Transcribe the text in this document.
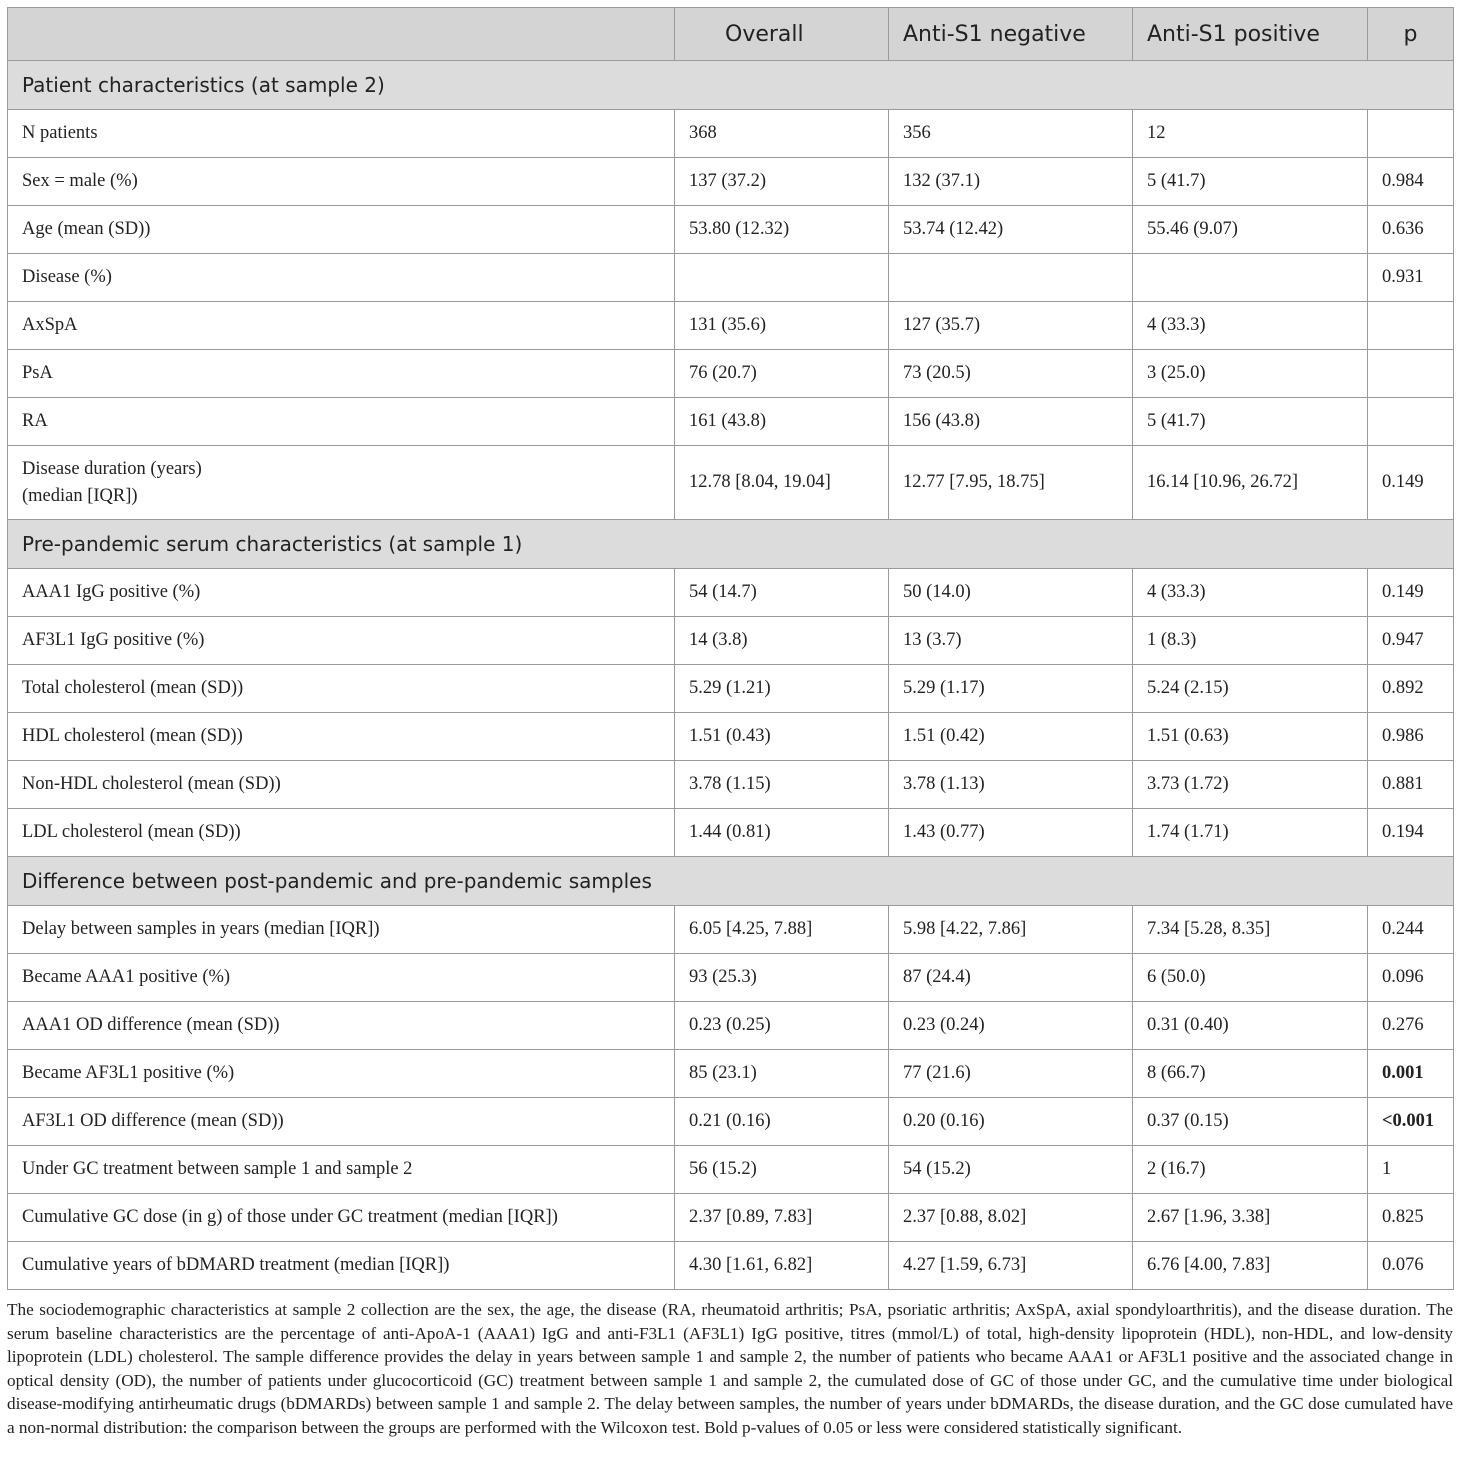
	Overall	Anti-S1 negative	Anti-S1 positive	p
Patient characteristics (at sample 2)				
N patients	368	356	12	
Sex = male (%)	137 (37.2)	132 (37.1)	5 (41.7)	0.984
Age (mean (SD))	53.80 (12.32)	53.74 (12.42)	55.46 (9.07)	0.636
Disease (%)				0.931
AxSpA	131 (35.6)	127 (35.7)	4 (33.3)	
PsA	76 (20.7)	73 (20.5)	3 (25.0)	
RA	161 (43.8)	156 (43.8)	5 (41.7)	

Disease duration (years)
(median [IQR])	12.78 [8.04, 19.04]	12.77 [7.95, 18.75]	16.14 [10.96, 26.72]	0.149
Pre-pandemic serum characteristics (at sample 1)				
AAA1 IgG positive (%)	54 (14.7)	50 (14.0)	4 (33.3)	0.149
AF3L1 IgG positive (%)	14 (3.8)	13 (3.7)	1 (8.3)	0.947
Total cholesterol (mean (SD))	5.29 (1.21)	5.29 (1.17)	5.24 (2.15)	0.892
HDL cholesterol (mean (SD))	1.51 (0.43)	1.51 (0.42)	1.51 (0.63)	0.986
Non-HDL cholesterol (mean (SD))	3.78 (1.15)	3.78 (1.13)	3.73 (1.72)	0.881
LDL cholesterol (mean (SD))	1.44 (0.81)	1.43 (0.77)	1.74 (1.71)	0.194
Difference between post-pandemic and pre-pandemic samples				
Delay between samples in years (median [IQR])	6.05 [4.25, 7.88]	5.98 [4.22, 7.86]	7.34 [5.28, 8.35]	0.244
Became AAA1 positive (%)	93 (25.3)	87 (24.4)	6 (50.0)	0.096
AAA1 OD difference (mean (SD))	0.23 (0.25)	0.23 (0.24)	0.31 (0.40)	0.276
Became AF3L1 positive (%)	85 (23.1)	77 (21.6)	8 (66.7)	0.001
AF3L1 OD difference (mean (SD))	0.21 (0.16)	0.20 (0.16)	0.37 (0.15)	<0.001
Under GC treatment between sample 1 and sample 2	56 (15.2)	54 (15.2)	2 (16.7)	1
Cumulative GC dose (in g) of those under GC treatment (median [IQR])	2.37 [0.89, 7.83]	2.37 [0.88, 8.02]	2.67 [1.96, 3.38]	0.825
Cumulative years of bDMARD treatment (median [IQR])	4.30 [1.61, 6.82]	4.27 [1.59, 6.73]	6.76 [4.00, 7.83]	0.076
The sociodemographic characteristics at sample 2 collection are the sex, the age, the disease (RA, rheumatoid arthritis; PsA, psoriatic arthritis; AxSpA, axial spondyloarthritis), and the disease duration. The serum baseline characteristics are the percentage of anti-ApoA-1 (AAA1) IgG and anti-F3L1 (AF3L1) IgG positive, titres (mmol/L) of total, high-density lipoprotein (HDL), non-HDL, and low-density lipoprotein (LDL) cholesterol. The sample difference provides the delay in years between sample 1 and sample 2, the number of patients who became AAA1 or AF3L1 positive and the associated change in optical density (OD), the number of patients under glucocorticoid (GC) treatment between sample 1 and sample 2, the cumulated dose of GC of those under GC, and the cumulative time under biological disease-modifying antirheumatic drugs (bDMARDs) between sample 1 and sample 2. The delay between samples, the number of years under bDMARDs, the disease duration, and the GC dose cumulated have a non-normal distribution: the comparison between the groups are performed with the Wilcoxon test. Bold p-values of 0.05 or less were considered statistically significant.
